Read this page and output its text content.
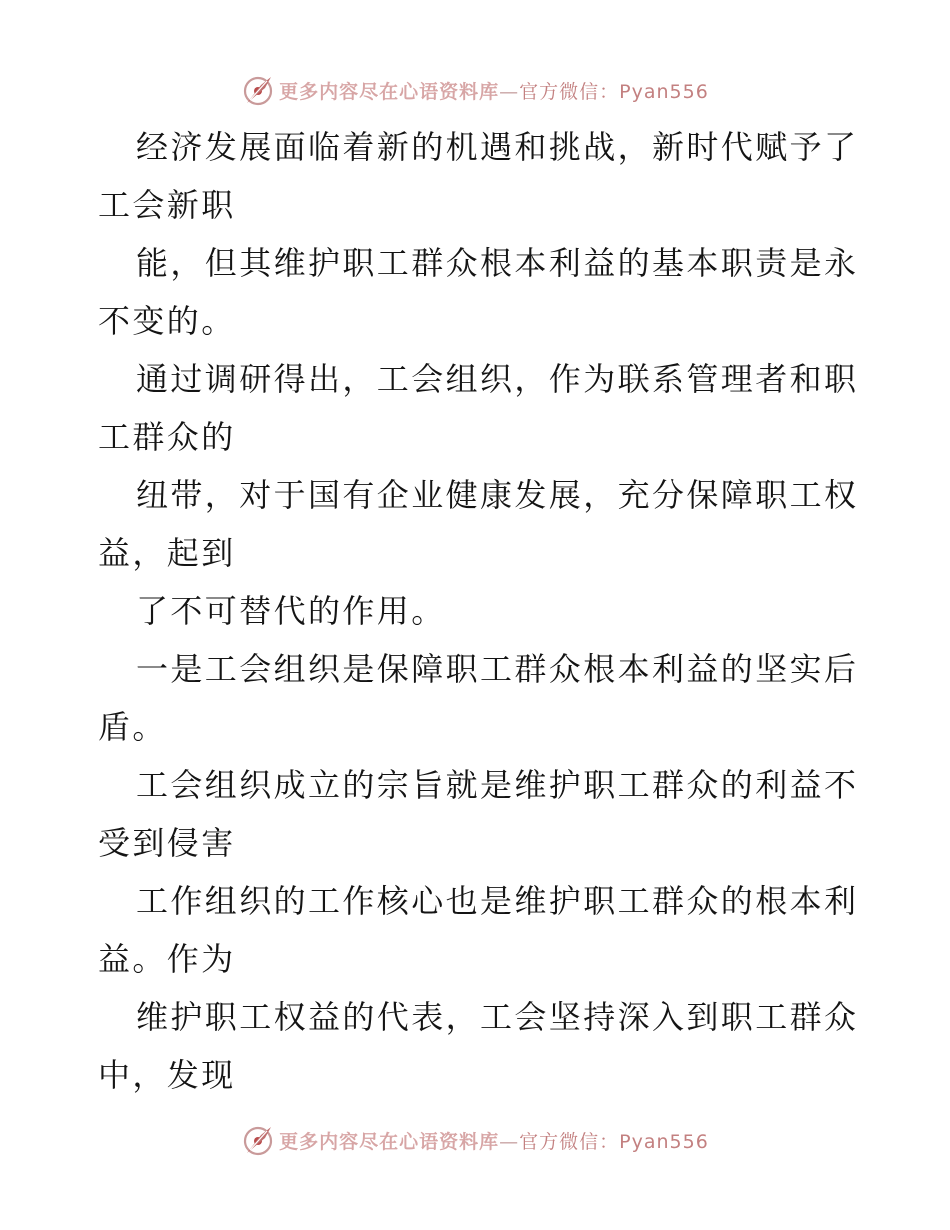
更多内容尽在心语资料库—官方微信：Pyan556
经济发展面临着新的机遇和挑战，新时代赋予了
工会新职
能，但其维护职工群众根本利益的基本职责是永
不变的。
通过调研得出，工会组织，作为联系管理者和职
工群众的
纽带，对于国有企业健康发展，充分保障职工权
益，起到
了不可替代的作用。
一是工会组织是保障职工群众根本利益的坚实后
盾。
工会组织成立的宗旨就是维护职工群众的利益不
受到侵害
工作组织的工作核心也是维护职工群众的根本利
益。作为
维护职工权益的代表，工会坚持深入到职工群众
中，发现
更多内容尽在心语资料库—官方微信：Pyan556
